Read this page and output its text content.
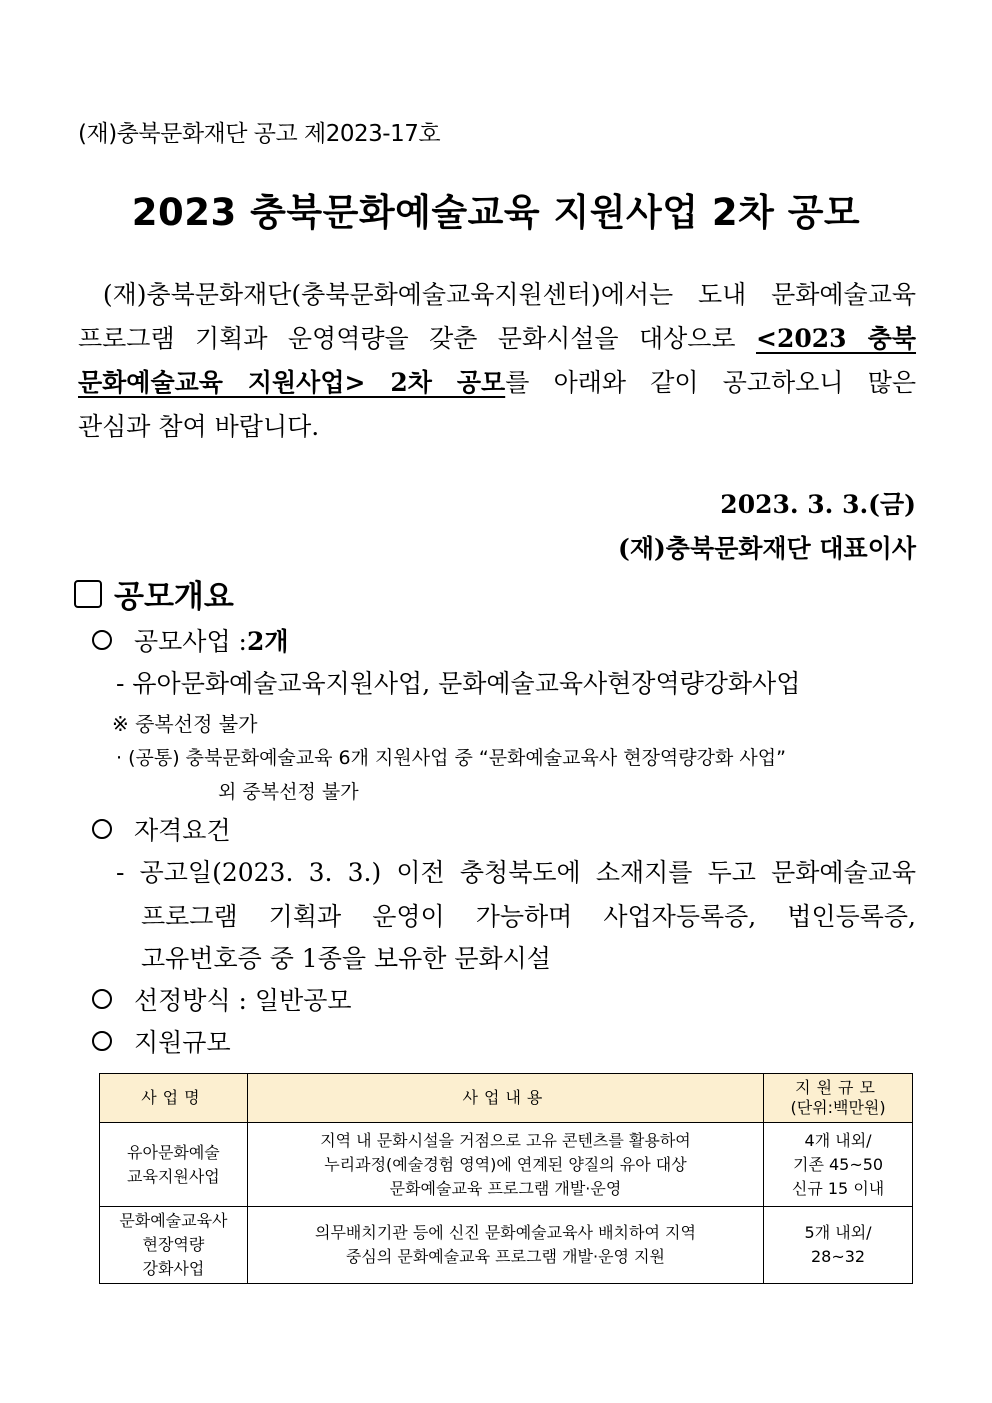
(재)충북문화재단 공고 제2023-17호
2023 충북문화예술교육 지원사업 2차 공모
(재)충북문화재단(충북문화예술교육지원센터)에서는 도내 문화예술교육
프로그램 기획과 운영역량을 갖춘 문화시설을 대상으로 <2023 충북
문화예술교육 지원사업> 2차 공모를 아래와 같이 공고하오니 많은
관심과 참여 바랍니다.
2023. 3. 3.(금)
(재)충북문화재단 대표이사
공모개요
공모사업 : 2개
- 유아문화예술교육지원사업, 문화예술교육사현장역량강화사업
※ 중복선정 불가
· (공통) 충북문화예술교육 6개 지원사업 중 “문화예술교육사 현장역량강화 사업”
외 중복선정 불가
자격요건
- 공고일(2023. 3. 3.) 이전 충청북도에 소재지를 두고 문화예술교육
프로그램 기획과 운영이 가능하며 사업자등록증, 법인등록증,
고유번호증 중 1종을 보유한 문화시설
선정방식 : 일반공모
지원규모
사업명	사업내용	지원규모
(단위:백만원)

유아문화예술
교육지원사업	지역 내 문화시설을 거점으로 고유 콘텐츠를 활용하여
누리과정(예술경험 영역)에 연계된 양질의 유아 대상
문화예술교육 프로그램 개발·운영	4개 내외/
기존 45~50
신규 15 이내
문화예술교육사
현장역량
강화사업	의무배치기관 등에 신진 문화예술교육사 배치하여 지역
중심의 문화예술교육 프로그램 개발·운영 지원	5개 내외/
28~32
